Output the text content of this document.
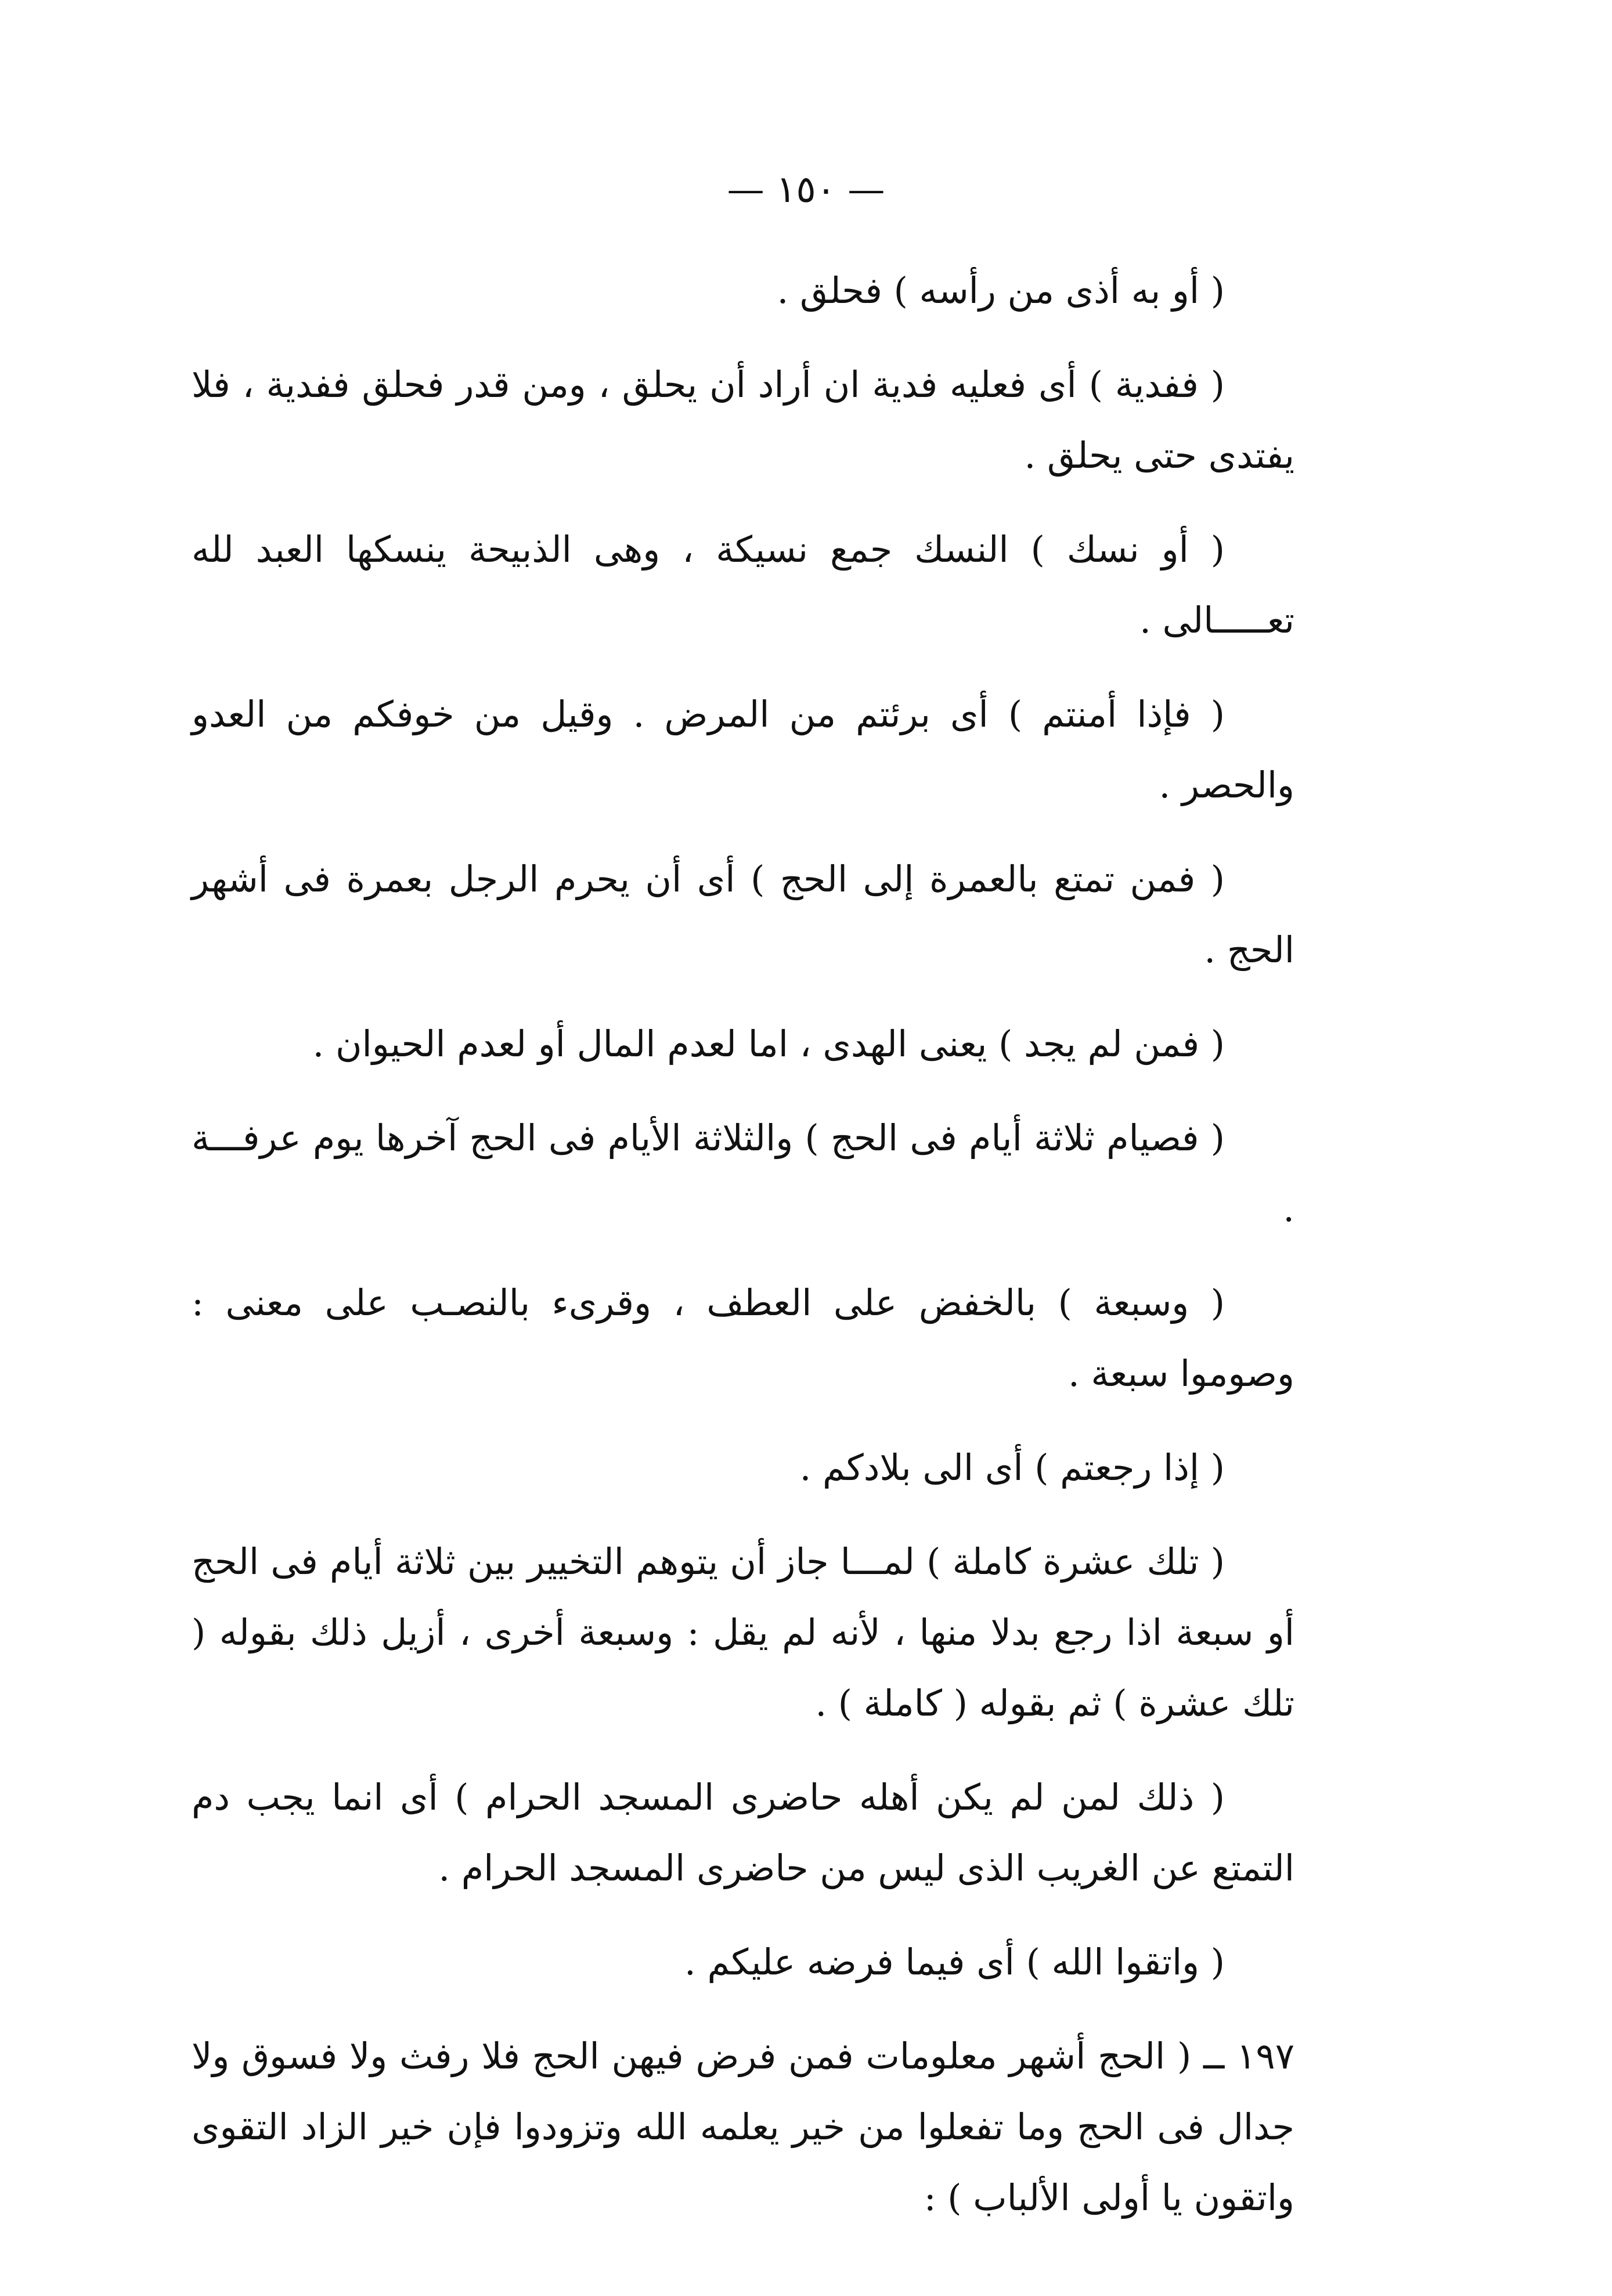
— ١٥٠ —

( أو به أذى من رأسه ) فحلق .

( ففدية ) أى فعليه فدية ان أراد أن يحلق ، ومن قدر فحلق ففدية ، فلا يفتدى حتى يحلق .

( أو نسك ) النسك جمع نسيكة ، وهى الذبيحة ينسكها العبد لله تعـــــالى .

( فإذا أمنتم ) أى برئتم من المرض . وقيل من خوفكم من العدو والحصر .

( فمن تمتع بالعمرة إلى الحج ) أى أن يحرم الرجل بعمرة فى أشهر الحج .

( فمن لم يجد ) يعنى الهدى ، اما لعدم المال أو لعدم الحيوان .

( فصيام ثلاثة أيام فى الحج ) والثلاثة الأيام فى الحج آخرها يوم عرفـــة .

( وسبعة ) بالخفض على العطف ، وقرىء بالنصـب على معنى : وصوموا سبعة .

( إذا رجعتم ) أى الى بلادكم .

( تلك عشرة كاملة ) لمـــا جاز أن يتوهم التخيير بين ثلاثة أيام فى الحج أو سبعة اذا رجع بدلا منها ، لأنه لم يقل : وسبعة أخرى ، أزيل ذلك بقوله ( تلك عشرة ) ثم بقوله ( كاملة ) .

( ذلك لمن لم يكن أهله حاضرى المسجد الحرام ) أى انما يجب دم التمتع عن الغريب الذى ليس من حاضرى المسجد الحرام .

( واتقوا الله ) أى فيما فرضه عليكم .

١٩٧ ــ ( الحج أشهر معلومات فمن فرض فيهن الحج فلا رفث ولا فسوق ولا جدال فى الحج وما تفعلوا من خير يعلمه الله وتزودوا فإن خير الزاد التقوى واتقون يا أولى الألباب ) :
